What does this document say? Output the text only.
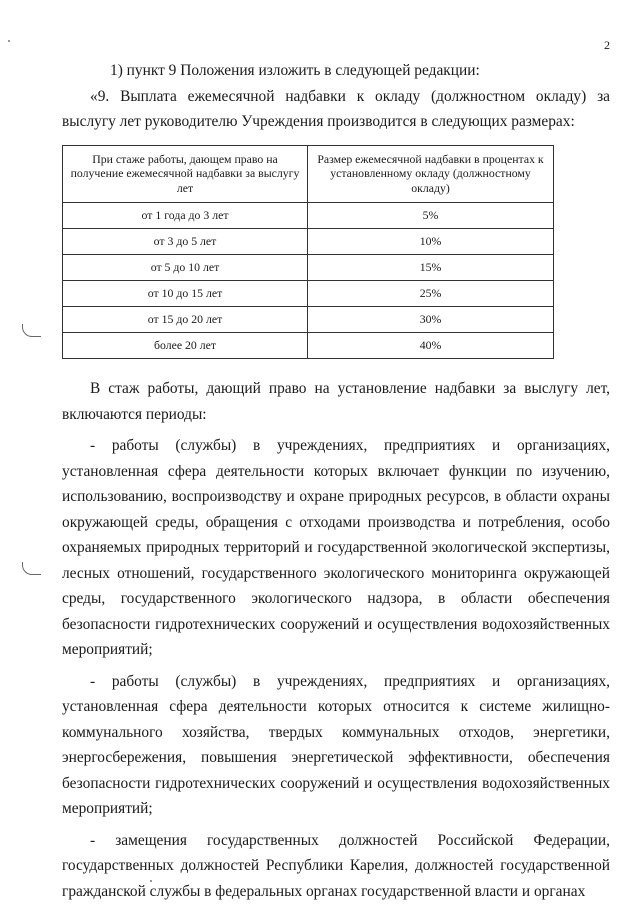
2

1) пункт 9 Положения изложить в следующей редакции:

«9. Выплата ежемесячной надбавки к окладу (должностном окладу) за выслугу лет руководителю Учреждения производится в следующих размерах:

При стаже работы, дающем право на получение ежемесячной надбавки за выслугу лет	Размер ежемесячной надбавки в процентах к установленному окладу (должностному окладу)
от 1 года до 3 лет	5%
от 3 до 5 лет	10%
от 5 до 10 лет	15%
от 10 до 15 лет	25%
от 15 до 20 лет	30%
более 20 лет	40%

В стаж работы, дающий право на установление надбавки за выслугу лет, включаются периоды:

- работы (службы) в учреждениях, предприятиях и организациях, установленная сфера деятельности которых включает функции по изучению, использованию, воспроизводству и охране природных ресурсов, в области охраны окружающей среды, обращения с отходами производства и потребления, особо охраняемых природных территорий и государственной экологической экспертизы, лесных отношений, государственного экологического мониторинга окружающей среды, государственного экологического надзора, в области обеспечения безопасности гидротехнических сооружений и осуществления водохозяйственных мероприятий;

- работы (службы) в учреждениях, предприятиях и организациях, установленная сфера деятельности которых относится к системе жилищно-коммунального хозяйства, твердых коммунальных отходов, энергетики, энергосбережения, повышения энергетической эффективности, обеспечения безопасности гидротехнических сооружений и осуществления водохозяйственных мероприятий;

- замещения государственных должностей Российской Федерации, государственных должностей Республики Карелия, должностей государственной гражданской службы в федеральных органах государственной власти и органах
